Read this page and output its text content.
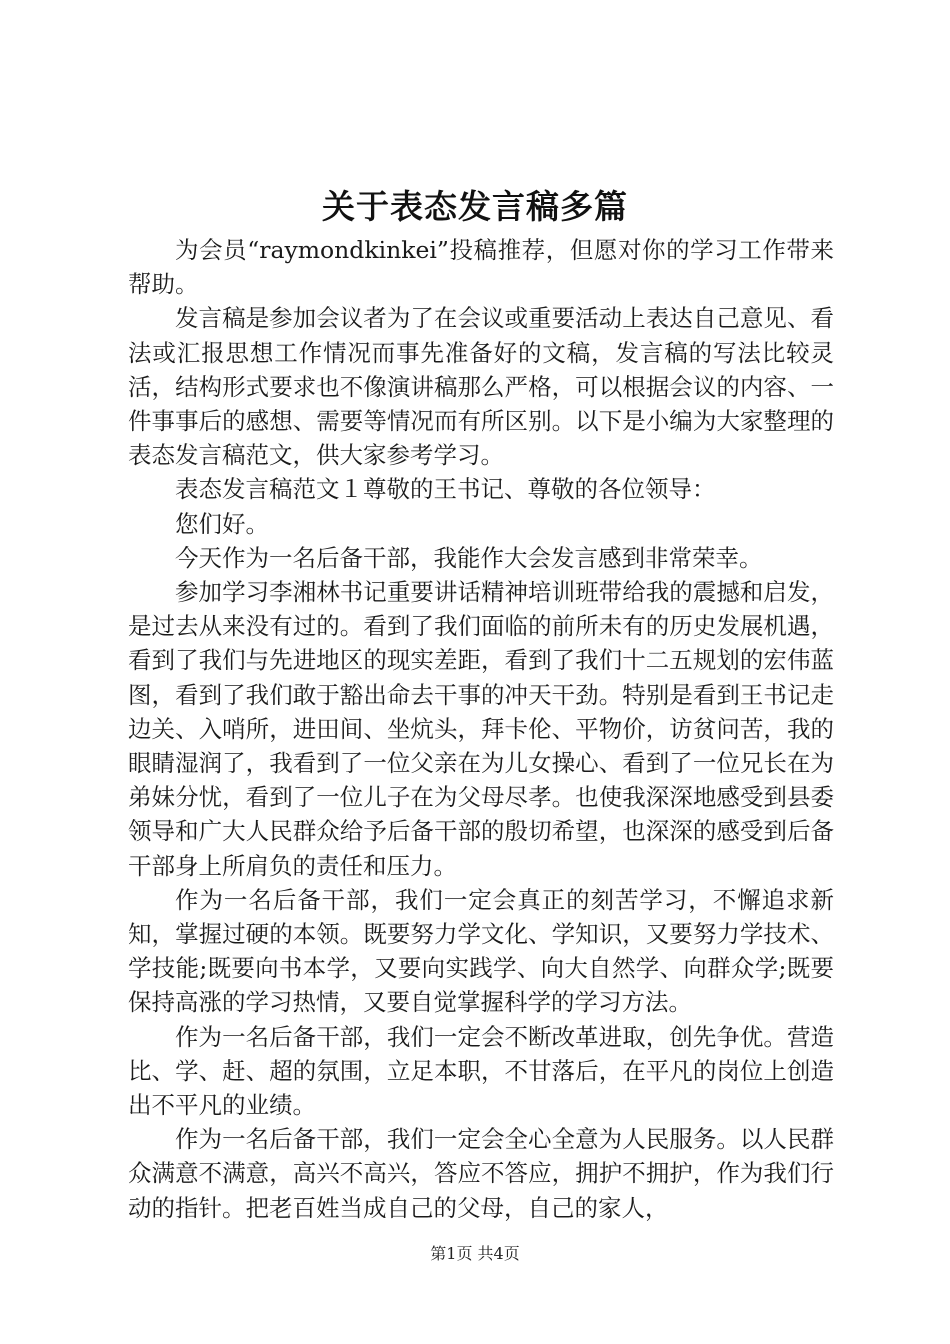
关于表态发言稿多篇

为会员“raymondkinkei”投稿推荐，但愿对你的学习工作带来帮助。

发言稿是参加会议者为了在会议或重要活动上表达自己意见、看法或汇报思想工作情况而事先准备好的文稿，发言稿的写法比较灵活，结构形式要求也不像演讲稿那么严格，可以根据会议的内容、一件事事后的感想、需要等情况而有所区别。以下是小编为大家整理的表态发言稿范文，供大家参考学习。

表态发言稿范文１尊敬的王书记、尊敬的各位领导：

您们好。

今天作为一名后备干部，我能作大会发言感到非常荣幸。

参加学习李湘林书记重要讲话精神培训班带给我的震撼和启发，是过去从来没有过的。看到了我们面临的前所未有的历史发展机遇，看到了我们与先进地区的现实差距，看到了我们十二五规划的宏伟蓝图，看到了我们敢于豁出命去干事的冲天干劲。特别是看到王书记走边关、入哨所，进田间、坐炕头，拜卡伦、平物价，访贫问苦，我的眼睛湿润了，我看到了一位父亲在为儿女操心、看到了一位兄长在为弟妹分忧，看到了一位儿子在为父母尽孝。也使我深深地感受到县委领导和广大人民群众给予后备干部的殷切希望，也深深的感受到后备干部身上所肩负的责任和压力。

作为一名后备干部，我们一定会真正的刻苦学习，不懈追求新知，掌握过硬的本领。既要努力学文化、学知识，又要努力学技术、学技能;既要向书本学，又要向实践学、向大自然学、向群众学;既要保持高涨的学习热情，又要自觉掌握科学的学习方法。

作为一名后备干部，我们一定会不断改革进取，创先争优。营造比、学、赶、超的氛围，立足本职，不甘落后，在平凡的岗位上创造出不平凡的业绩。

作为一名后备干部，我们一定会全心全意为人民服务。以人民群众满意不满意，高兴不高兴，答应不答应，拥护不拥护，作为我们行动的指针。把老百姓当成自己的父母，自己的家人，

第1页 共4页
